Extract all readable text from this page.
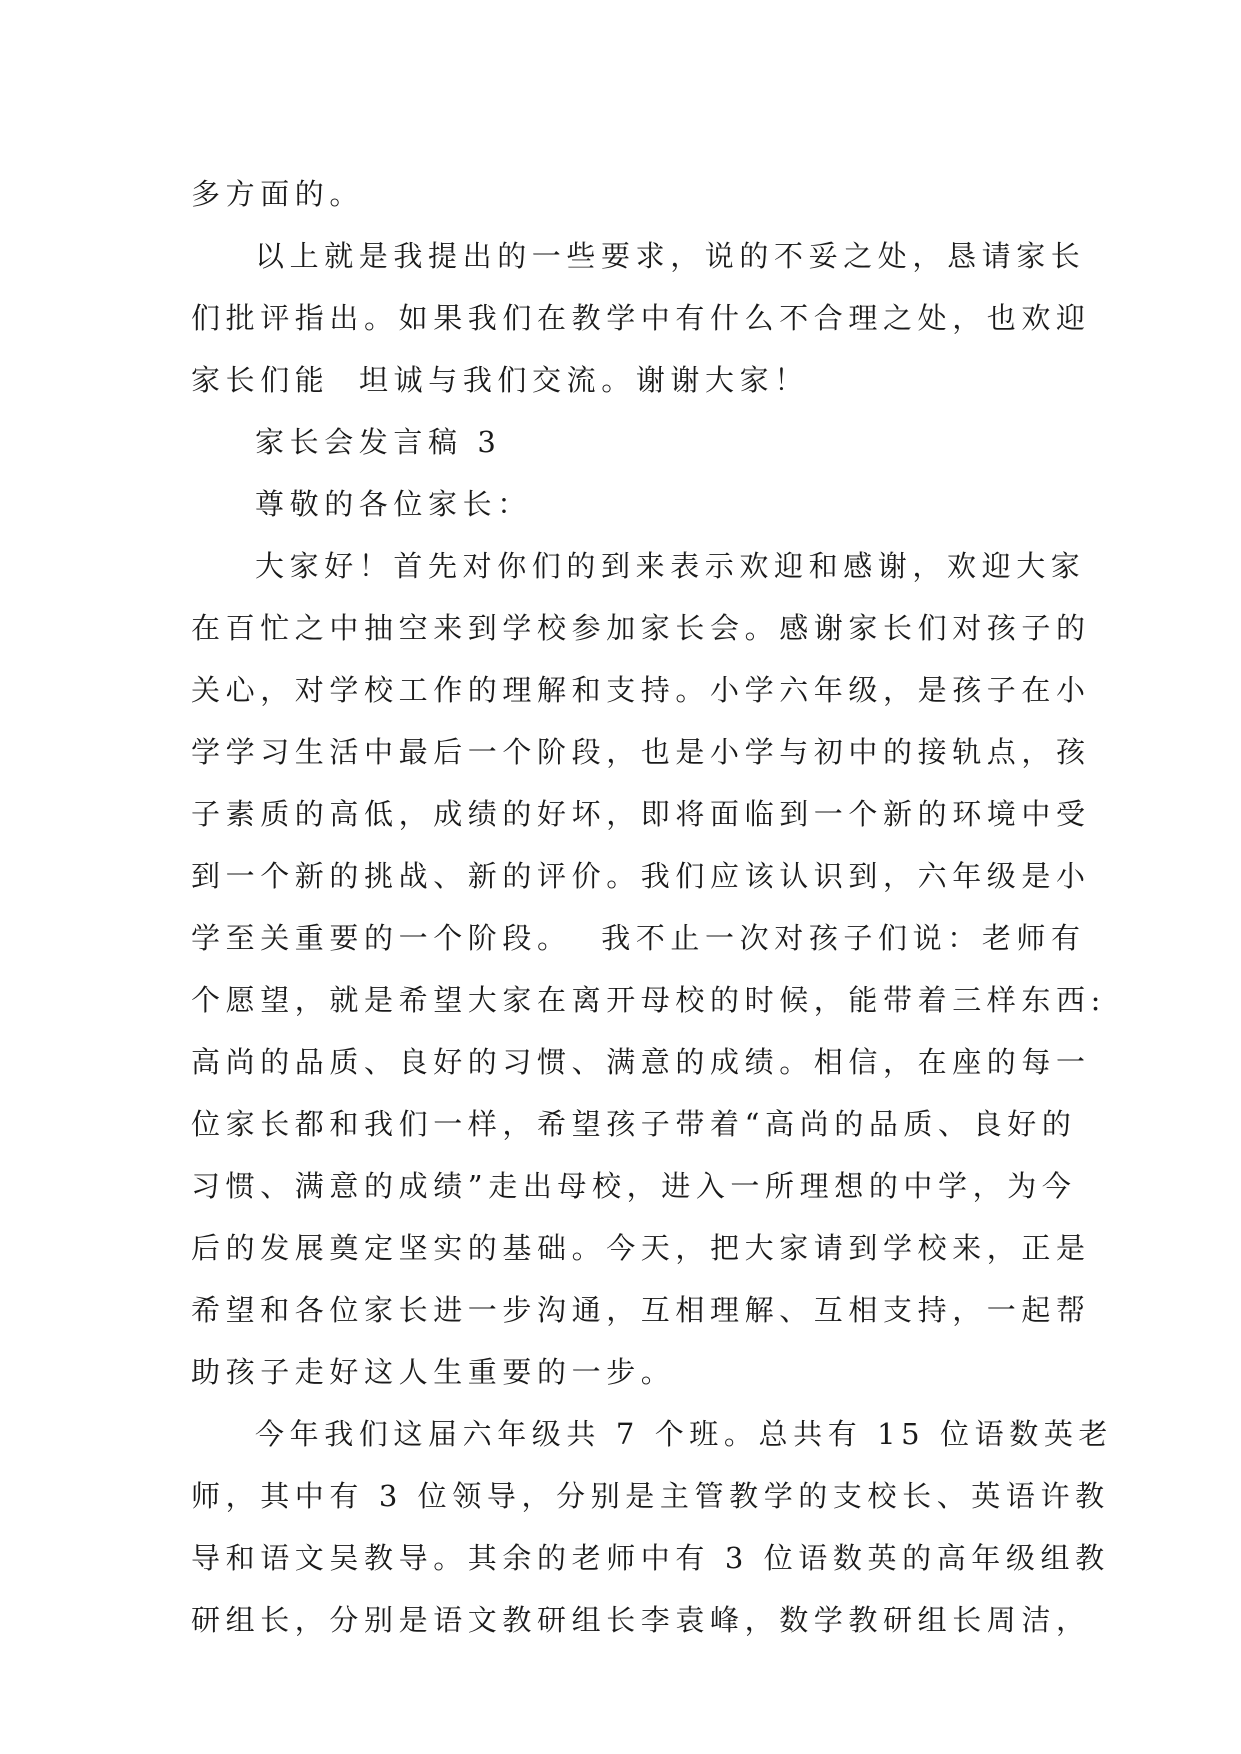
多方面的。
以上就是我提出的一些要求，说的不妥之处，恳请家长
们批评指出。如果我们在教学中有什么不合理之处，也欢迎
家长们能  坦诚与我们交流。谢谢大家！
家长会发言稿 3
尊敬的各位家长：
大家好！首先对你们的到来表示欢迎和感谢，欢迎大家
在百忙之中抽空来到学校参加家长会。感谢家长们对孩子的
关心，对学校工作的理解和支持。小学六年级，是孩子在小
学学习生活中最后一个阶段，也是小学与初中的接轨点，孩
子素质的高低，成绩的好坏，即将面临到一个新的环境中受
到一个新的挑战、新的评价。我们应该认识到，六年级是小
学至关重要的一个阶段。  我不止一次对孩子们说：老师有
个愿望，就是希望大家在离开母校的时候，能带着三样东西:
高尚的品质、良好的习惯、满意的成绩。相信，在座的每一
位家长都和我们一样，希望孩子带着“高尚的品质、良好的
习惯、满意的成绩”走出母校，进入一所理想的中学，为今
后的发展奠定坚实的基础。今天，把大家请到学校来，正是
希望和各位家长进一步沟通，互相理解、互相支持，一起帮
助孩子走好这人生重要的一步。
今年我们这届六年级共 7 个班。总共有 15 位语数英老
师，其中有 3 位领导，分别是主管教学的支校长、英语许教
导和语文吴教导。其余的老师中有 3 位语数英的高年级组教
研组长，分别是语文教研组长李袁峰，数学教研组长周洁，
